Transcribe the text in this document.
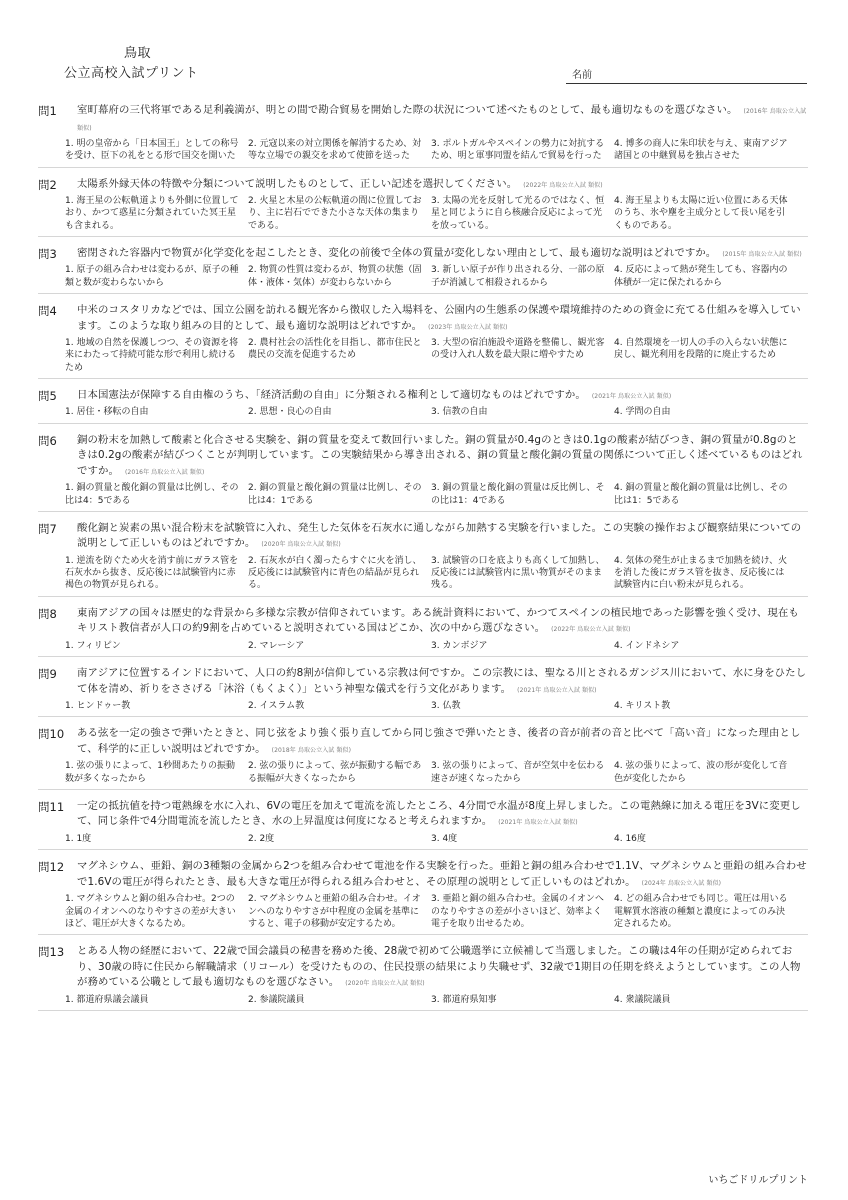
鳥取
公立高校入試プリント	名前
問1 室町幕府の三代将軍である足利義満が、明との間で勘合貿易を開始した際の状況について述べたものとして、最も適切なものを選びなさい。 (2016年 鳥取公立入試 類似)
1. 明の皇帝から「日本国王」としての称号を受け、臣下の礼をとる形で国交を開いた
2. 元寇以来の対立関係を解消するため、対等な立場での親交を求めて使節を送った
3. ポルトガルやスペインの勢力に対抗するため、明と軍事同盟を結んで貿易を行った
4. 博多の商人に朱印状を与え、東南アジア諸国との中継貿易を独占させた
問2 太陽系外縁天体の特徴や分類について説明したものとして、正しい記述を選択してください。 (2022年 鳥取公立入試 類似)
1. 海王星の公転軌道よりも外側に位置しており、かつて惑星に分類されていた冥王星も含まれる。
2. 火星と木星の公転軌道の間に位置しており、主に岩石でできた小さな天体の集まりである。
3. 太陽の光を反射して光るのではなく、恒星と同じように自ら核融合反応によって光を放っている。
4. 海王星よりも太陽に近い位置にある天体のうち、氷や塵を主成分として長い尾を引くものである。
問3 密閉された容器内で物質が化学変化を起こしたとき、変化の前後で全体の質量が変化しない理由として、最も適切な説明はどれですか。 (2015年 鳥取公立入試 類似)
1. 原子の組み合わせは変わるが、原子の種類と数が変わらないから
2. 物質の性質は変わるが、物質の状態（固体・液体・気体）が変わらないから
3. 新しい原子が作り出される分、一部の原子が消滅して相殺されるから
4. 反応によって熱が発生しても、容器内の体積が一定に保たれるから
問4 中米のコスタリカなどでは、国立公園を訪れる観光客から徴収した入場料を、公園内の生態系の保護や環境維持のための資金に充てる仕組みを導入しています。このような取り組みの目的として、最も適切な説明はどれですか。 (2023年 鳥取公立入試 類似)
1. 地域の自然を保護しつつ、その資源を将来にわたって持続可能な形で利用し続けるため
2. 農村社会の活性化を目指し、都市住民と農民の交流を促進するため
3. 大型の宿泊施設や道路を整備し、観光客の受け入れ人数を最大限に増やすため
4. 自然環境を一切人の手の入らない状態に戻し、観光利用を段階的に廃止するため
問5 日本国憲法が保障する自由権のうち、「経済活動の自由」に分類される権利として適切なものはどれですか。 (2021年 鳥取公立入試 類似)
1. 居住・移転の自由	2. 思想・良心の自由	3. 信教の自由	4. 学問の自由
問6 銅の粉末を加熱して酸素と化合させる実験を、銅の質量を変えて数回行いました。銅の質量が0.4gのときは0.1gの酸素が結びつき、銅の質量が0.8gのときは0.2gの酸素が結びつくことが判明しています。この実験結果から導き出される、銅の質量と酸化銅の質量の関係について正しく述べているものはどれですか。 (2016年 鳥取公立入試 類似)
1. 銅の質量と酸化銅の質量は比例し、その比は4：5である
2. 銅の質量と酸化銅の質量は比例し、その比は4：1である
3. 銅の質量と酸化銅の質量は反比例し、その比は1：4である
4. 銅の質量と酸化銅の質量は比例し、その比は1：5である
問7 酸化銅と炭素の黒い混合粉末を試験管に入れ、発生した気体を石灰水に通しながら加熱する実験を行いました。この実験の操作および観察結果についての説明として正しいものはどれですか。 (2020年 鳥取公立入試 類似)
1. 逆流を防ぐため火を消す前にガラス管を石灰水から抜き、反応後には試験管内に赤褐色の物質が見られる。
2. 石灰水が白く濁ったらすぐに火を消し、反応後には試験管内に青色の結晶が見られる。
3. 試験管の口を底よりも高くして加熱し、反応後には試験管内に黒い物質がそのまま残る。
4. 気体の発生が止まるまで加熱を続け、火を消した後にガラス管を抜き、反応後には試験管内に白い粉末が見られる。
問8 東南アジアの国々は歴史的な背景から多様な宗教が信仰されています。ある統計資料において、かつてスペインの植民地であった影響を強く受け、現在もキリスト教信者が人口の約9割を占めていると説明されている国はどこか、次の中から選びなさい。 (2022年 鳥取公立入試 類似)
1. フィリピン	2. マレーシア	3. カンボジア	4. インドネシア
問9 南アジアに位置するインドにおいて、人口の約8割が信仰している宗教は何ですか。この宗教には、聖なる川とされるガンジス川において、水に身をひたして体を清め、祈りをささげる「沐浴（もくよく）」という神聖な儀式を行う文化があります。 (2021年 鳥取公立入試 類似)
1. ヒンドゥー教	2. イスラム教	3. 仏教	4. キリスト教
問10 ある弦を一定の強さで弾いたときと、同じ弦をより強く張り直してから同じ強さで弾いたとき、後者の音が前者の音と比べて「高い音」になった理由として、科学的に正しい説明はどれですか。 (2018年 鳥取公立入試 類似)
1. 弦の張りによって、1秒間あたりの振動数が多くなったから
2. 弦の張りによって、弦が振動する幅である振幅が大きくなったから
3. 弦の張りによって、音が空気中を伝わる速さが速くなったから
4. 弦の張りによって、波の形が変化して音色が変化したから
問11 一定の抵抗値を持つ電熱線を水に入れ、6Vの電圧を加えて電流を流したところ、4分間で水温が8度上昇しました。この電熱線に加える電圧を3Vに変更して、同じ条件で4分間電流を流したとき、水の上昇温度は何度になると考えられますか。 (2021年 鳥取公立入試 類似)
1. 1度	2. 2度	3. 4度	4. 16度
問12 マグネシウム、亜鉛、銅の3種類の金属から2つを組み合わせて電池を作る実験を行った。亜鉛と銅の組み合わせで1.1V、マグネシウムと亜鉛の組み合わせで1.6Vの電圧が得られたとき、最も大きな電圧が得られる組み合わせと、その原理の説明として正しいものはどれか。 (2024年 鳥取公立入試 類似)
1. マグネシウムと銅の組み合わせ。2つの金属のイオンへのなりやすさの差が大きいほど、電圧が大きくなるため。
2. マグネシウムと亜鉛の組み合わせ。イオンへのなりやすさが中程度の金属を基準にすると、電子の移動が安定するため。
3. 亜鉛と銅の組み合わせ。金属のイオンへのなりやすさの差が小さいほど、効率よく電子を取り出せるため。
4. どの組み合わせでも同じ。電圧は用いる電解質水溶液の種類と濃度によってのみ決定されるため。
問13 とある人物の経歴において、22歳で国会議員の秘書を務めた後、28歳で初めて公職選挙に立候補して当選しました。この職は4年の任期が定められており、30歳の時に住民から解職請求（リコール）を受けたものの、住民投票の結果により失職せず、32歳で1期目の任期を終えようとしています。この人物が務めている公職として最も適切なものを選びなさい。 (2020年 鳥取公立入試 類似)
1. 都道府県議会議員	2. 参議院議員	3. 都道府県知事	4. 衆議院議員
いちごドリルプリント
